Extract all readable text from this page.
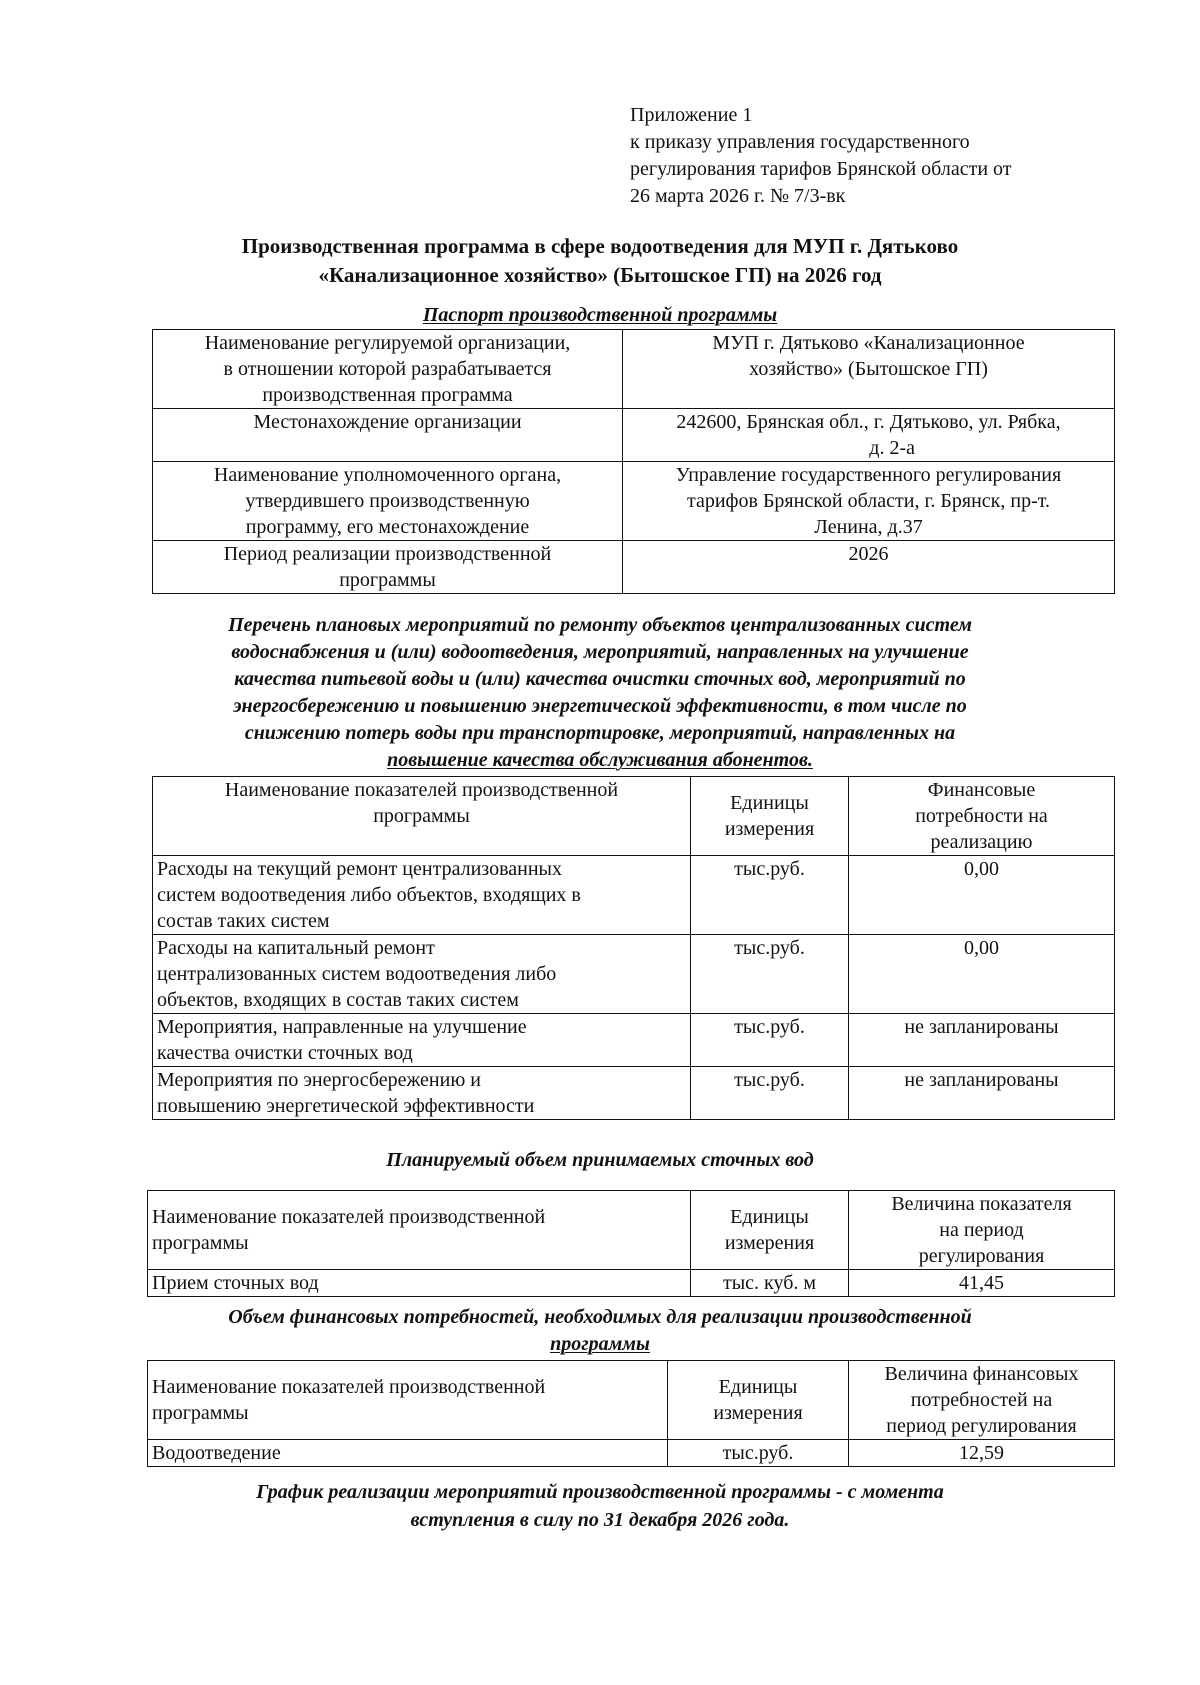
Приложение 1
к приказу управления государственного
регулирования тарифов Брянской области от
26 марта 2026 г. № 7/3-вк
Производственная программа в сфере водоотведения для МУП г. Дятьково
«Канализационное хозяйство» (Бытошское ГП) на 2026 год
Паспорт производственной программы
Наименование регулируемой организации,
в отношении которой разрабатывается
производственная программа	МУП г. Дятьково «Канализационное
хозяйство» (Бытошское ГП)

Местонахождение организации	242600, Брянская обл., г. Дятьково, ул. Рябка,
д. 2-а

Наименование уполномоченного органа,
утвердившего производственную
программу, его местонахождение	Управление государственного регулирования
тарифов Брянской области, г. Брянск, пр-т.
Ленина, д.37

Период реализации производственной
программы	2026
Перечень плановых мероприятий по ремонту объектов централизованных систем
водоснабжения и (или) водоотведения, мероприятий, направленных на улучшение
качества питьевой воды и (или) качества очистки сточных вод, мероприятий по
энергосбережению и повышению энергетической эффективности, в том числе по
снижению потерь воды при транспортировке, мероприятий, направленных на
повышение качества обслуживания абонентов.
Наименование показателей производственной
программы	Единицы
измерения	Финансовые
потребности на
реализацию

Расходы на текущий ремонт централизованных
систем водоотведения либо объектов, входящих в
состав таких систем	тыс.руб.	0,00

Расходы на капитальный ремонт
централизованных систем водоотведения либо
объектов, входящих в состав таких систем	тыс.руб.	0,00

Мероприятия, направленные на улучшение
качества очистки сточных вод	тыс.руб.	не запланированы

Мероприятия по энергосбережению и
повышению энергетической эффективности	тыс.руб.	не запланированы
Планируемый объем принимаемых сточных вод
Наименование показателей производственной
программы	Единицы
измерения	Величина показателя
на период
регулирования

Прием сточных вод	тыс. куб. м	41,45
Объем финансовых потребностей, необходимых для реализации производственной
программы
Наименование показателей производственной
программы	Единицы
измерения	Величина финансовых
потребностей на
период регулирования

Водоотведение	тыс.руб.	12,59
График реализации мероприятий производственной программы - с момента
вступления в силу по 31 декабря 2026 года.
